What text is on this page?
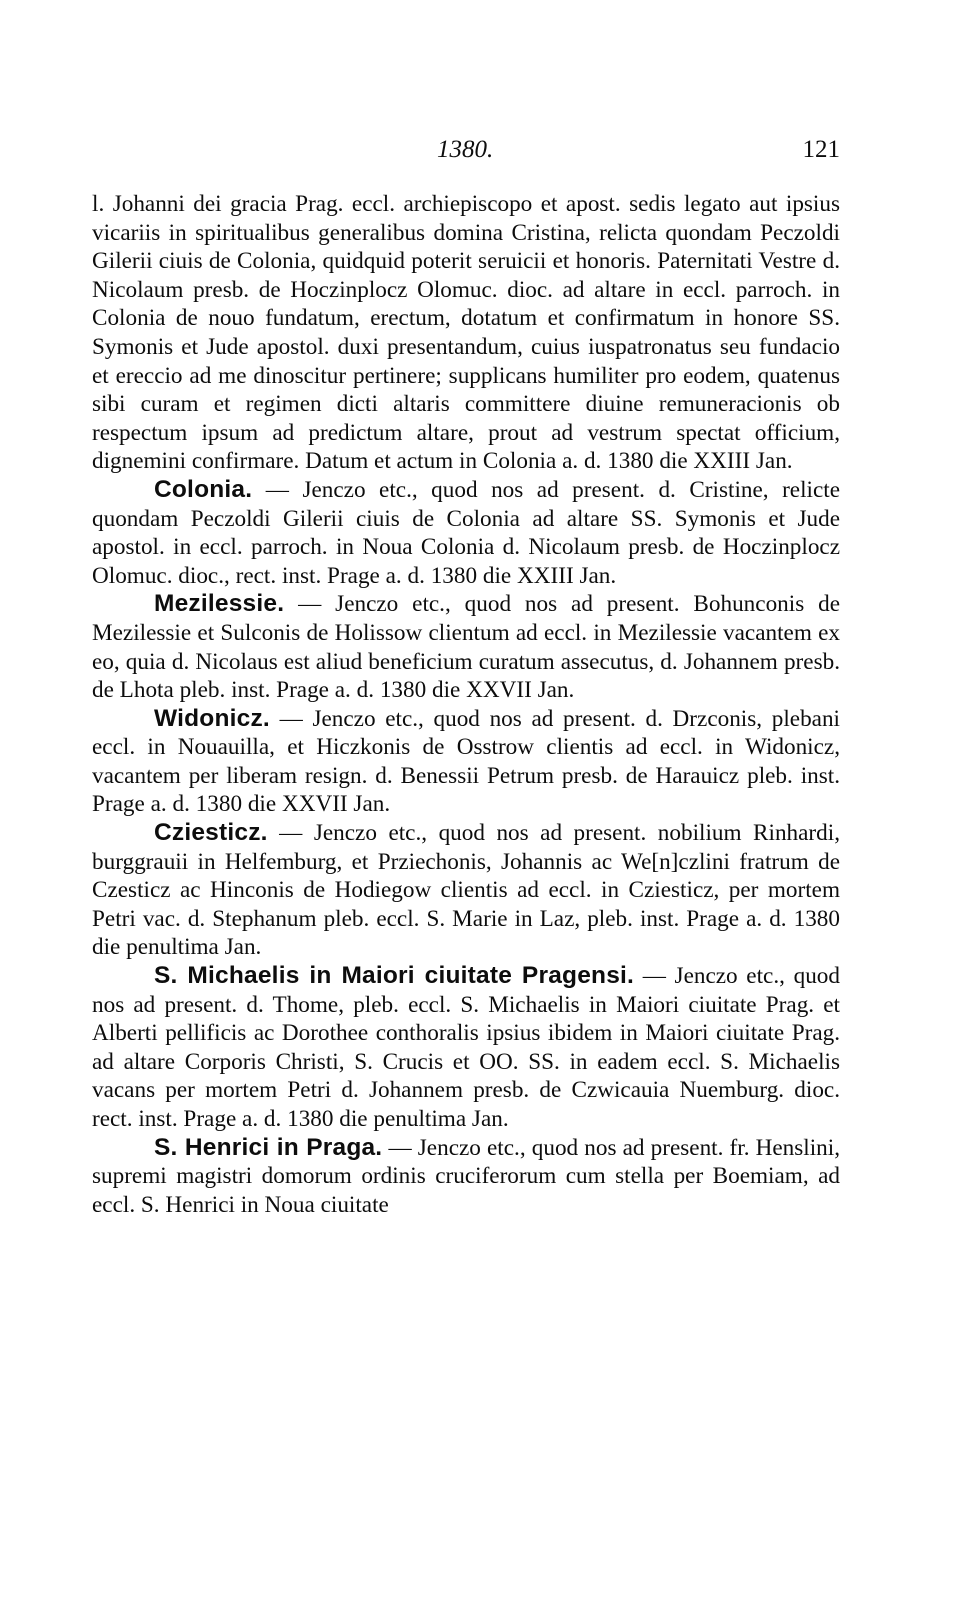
1380.	121

l. Johanni dei gracia Prag. eccl. archiepiscopo et apost. sedis legato aut ipsius vicariis in spiritualibus generalibus domina Cristina, relicta quondam Peczoldi Gilerii ciuis de Colonia, quidquid poterit seruicii et honoris. Paternitati Vestre d. Nicolaum presb. de Hoczinplocz Olomuc. dioc. ad altare in eccl. parroch. in Colonia de nouo fundatum, erectum, dotatum et confirmatum in honore SS. Symonis et Jude apostol. duxi presentandum, cuius iuspatronatus seu fundacio et ereccio ad me dinoscitur pertinere; supplicans humiliter pro eodem, quatenus sibi curam et regimen dicti altaris committere diuine remuneracionis ob respectum ipsum ad predictum altare, prout ad vestrum spectat officium, dignemini confirmare. Datum et actum in Colonia a. d. 1380 die XXIII Jan.

Colonia. — Jenczo etc., quod nos ad present. d. Cristine, relicte quondam Peczoldi Gilerii ciuis de Colonia ad altare SS. Symonis et Jude apostol. in eccl. parroch. in Noua Colonia d. Nicolaum presb. de Hoczinplocz Olomuc. dioc., rect. inst. Prage a. d. 1380 die XXIII Jan.

Mezilessie. — Jenczo etc., quod nos ad present. Bohunconis de Mezilessie et Sulconis de Holissow clientum ad eccl. in Mezilessie vacantem ex eo, quia d. Nicolaus est aliud beneficium curatum assecutus, d. Johannem presb. de Lhota pleb. inst. Prage a. d. 1380 die XXVII Jan.

Widonicz. — Jenczo etc., quod nos ad present. d. Drzconis, plebani eccl. in Nouauilla, et Hiczkonis de Osstrow clientis ad eccl. in Widonicz, vacantem per liberam resign. d. Benessii Petrum presb. de Harauicz pleb. inst. Prage a. d. 1380 die XXVII Jan.

Cziesticz. — Jenczo etc., quod nos ad present. nobilium Rinhardi, burggrauii in Helfemburg, et Prziechonis, Johannis ac We[n]czlini fratrum de Czesticz ac Hinconis de Hodiegow clientis ad eccl. in Cziesticz, per mortem Petri vac. d. Stephanum pleb. eccl. S. Marie in Laz, pleb. inst. Prage a. d. 1380 die penultima Jan.

S. Michaelis in Maiori ciuitate Pragensi. — Jenczo etc., quod nos ad present. d. Thome, pleb. eccl. S. Michaelis in Maiori ciuitate Prag. et Alberti pellificis ac Dorothee conthoralis ipsius ibidem in Maiori ciuitate Prag. ad altare Corporis Christi, S. Crucis et OO. SS. in eadem eccl. S. Michaelis vacans per mortem Petri d. Johannem presb. de Czwicauia Nuemburg. dioc. rect. inst. Prage a. d. 1380 die penultima Jan.

S. Henrici in Praga. — Jenczo etc., quod nos ad present. fr. Henslini, supremi magistri domorum ordinis cruciferorum cum stella per Boemiam, ad eccl. S. Henrici in Noua ciuitate
